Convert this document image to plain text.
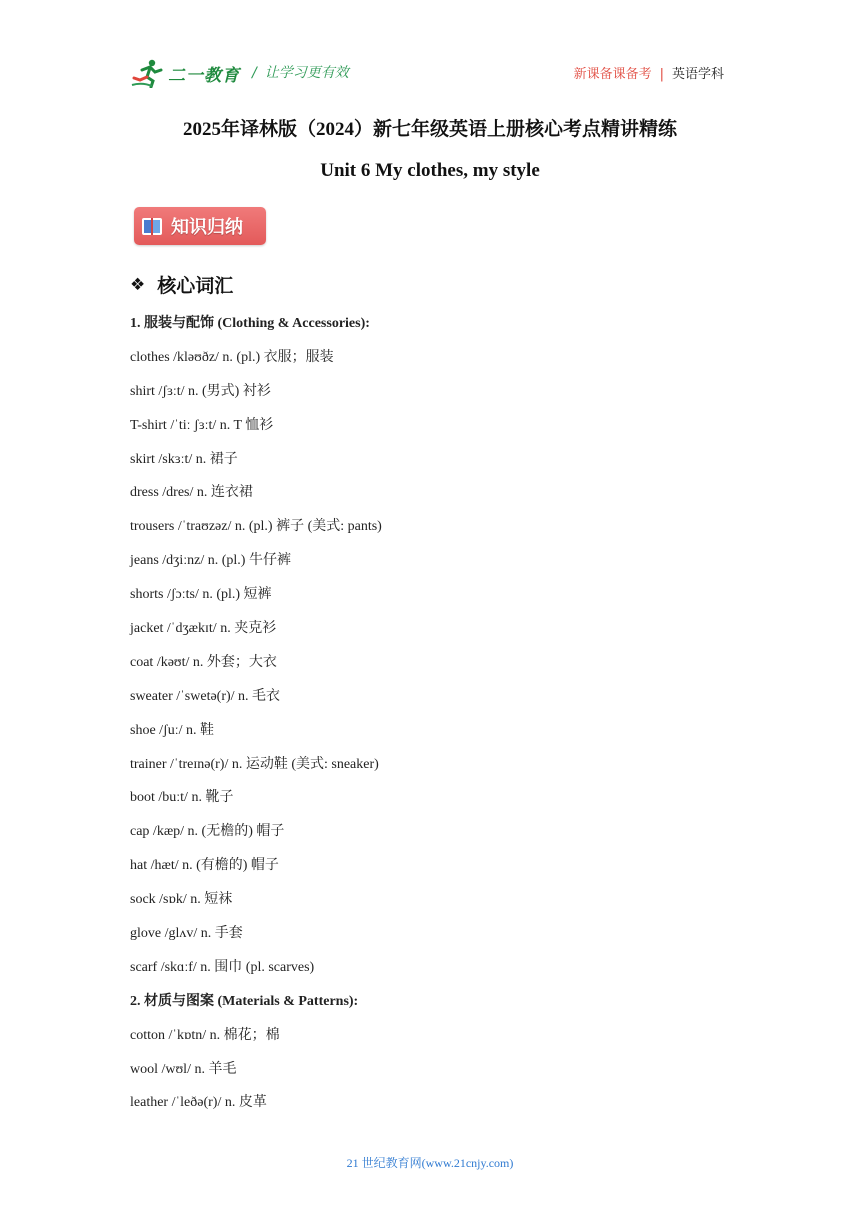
二一教育 / 让学习更有效	新课备课备考 | 英语学科
2025年译林版（2024）新七年级英语上册核心考点精讲精练
Unit 6 My clothes, my style
知识归纳
❖ 核心词汇
1. 服装与配饰 (Clothing & Accessories):
clothes /kləʊðz/ n. (pl.) 衣服；服装
shirt /ʃɜːt/ n. (男式) 衬衫
T-shirt /ˈtiː ʃɜːt/ n. T 恤衫
skirt /skɜːt/ n. 裙子
dress /dres/ n. 连衣裙
trousers /ˈtraʊzəz/ n. (pl.) 裤子 (美式: pants)
jeans /dʒiːnz/ n. (pl.) 牛仔裤
shorts /ʃɔːts/ n. (pl.) 短裤
jacket /ˈdʒækɪt/ n. 夹克衫
coat /kəʊt/ n. 外套；大衣
sweater /ˈswetə(r)/ n. 毛衣
shoe /ʃuː/ n. 鞋
trainer /ˈtreɪnə(r)/ n. 运动鞋 (美式: sneaker)
boot /buːt/ n. 靴子
cap /kæp/ n. (无檐的) 帽子
hat /hæt/ n. (有檐的) 帽子
sock /sɒk/ n. 短袜
glove /glʌv/ n. 手套
scarf /skɑːf/ n. 围巾 (pl. scarves)
2. 材质与图案 (Materials & Patterns):
cotton /ˈkɒtn/ n. 棉花；棉
wool /wʊl/ n. 羊毛
leather /ˈleðə(r)/ n. 皮革
21 世纪教育网(www.21cnjy.com)
